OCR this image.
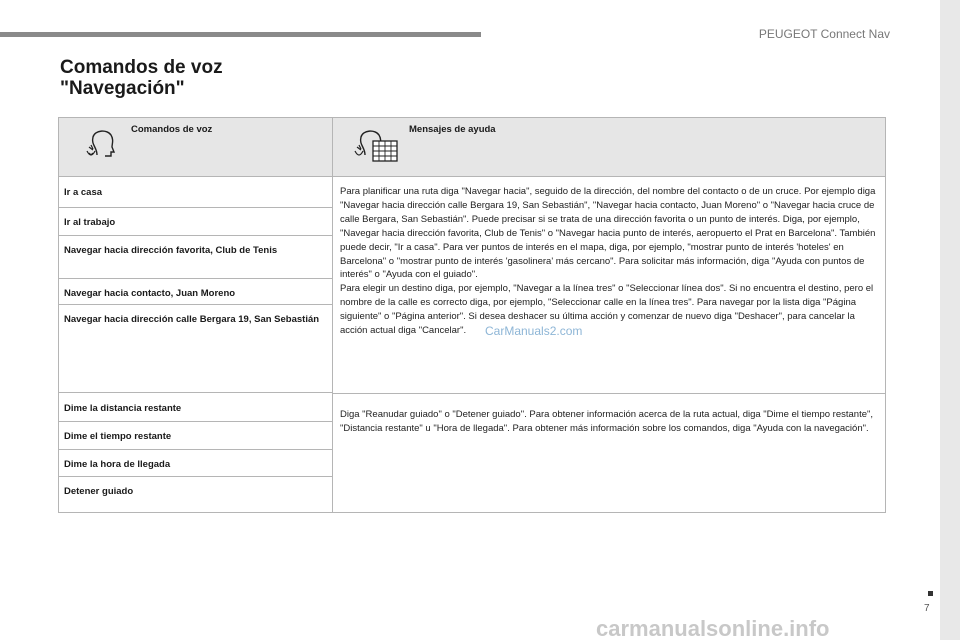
PEUGEOT Connect Nav
7
Comandos de voz
"Navegación"
Comandos de voz	Mensajes de ayuda
Ir a casa
Ir al trabajo
Navegar hacia dirección favorita, Club de Tenis
Navegar hacia contacto, Juan Moreno
Navegar hacia dirección calle Bergara 19, San Sebastián

Para planificar una ruta diga "Navegar hacia", seguido de la dirección, del nombre del contacto o de un cruce. Por ejemplo diga "Navegar hacia dirección calle Bergara 19, San Sebastián", "Navegar hacia contacto, Juan Moreno" o "Navegar hacia cruce de calle Bergara, San Sebastián". Puede precisar si se trata de una dirección favorita o un punto de interés. Diga, por ejemplo, "Navegar hacia dirección favorita, Club de Tenis" o "Navegar hacia punto de interés, aeropuerto el Prat en Barcelona". También puede decir, "Ir a casa". Para ver puntos de interés en el mapa, diga, por ejemplo, "mostrar punto de interés 'hoteles' en Barcelona" o "mostrar punto de interés 'gasolinera' más cercano". Para solicitar más información, diga "Ayuda con puntos de interés" o "Ayuda con el guiado".

Para elegir un destino diga, por ejemplo, "Navegar a la línea tres" o "Seleccionar línea dos". Si no encuentra el destino, pero el nombre de la calle es correcto diga, por ejemplo, "Seleccionar calle en la línea tres". Para navegar por la lista diga "Página siguiente" o "Página anterior". Si desea deshacer su última acción y comenzar de nuevo diga "Deshacer", para cancelar la acción actual diga "Cancelar".

Dime la distancia restante
Dime el tiempo restante
Dime la hora de llegada
Detener guiado

Diga "Reanudar guiado" o "Detener guiado". Para obtener información acerca de la ruta actual, diga "Dime el tiempo restante", "Distancia restante" u "Hora de llegada". Para obtener más información sobre los comandos, diga "Ayuda con la navegación".

CarManuals2.com
carmanualsonline.info
